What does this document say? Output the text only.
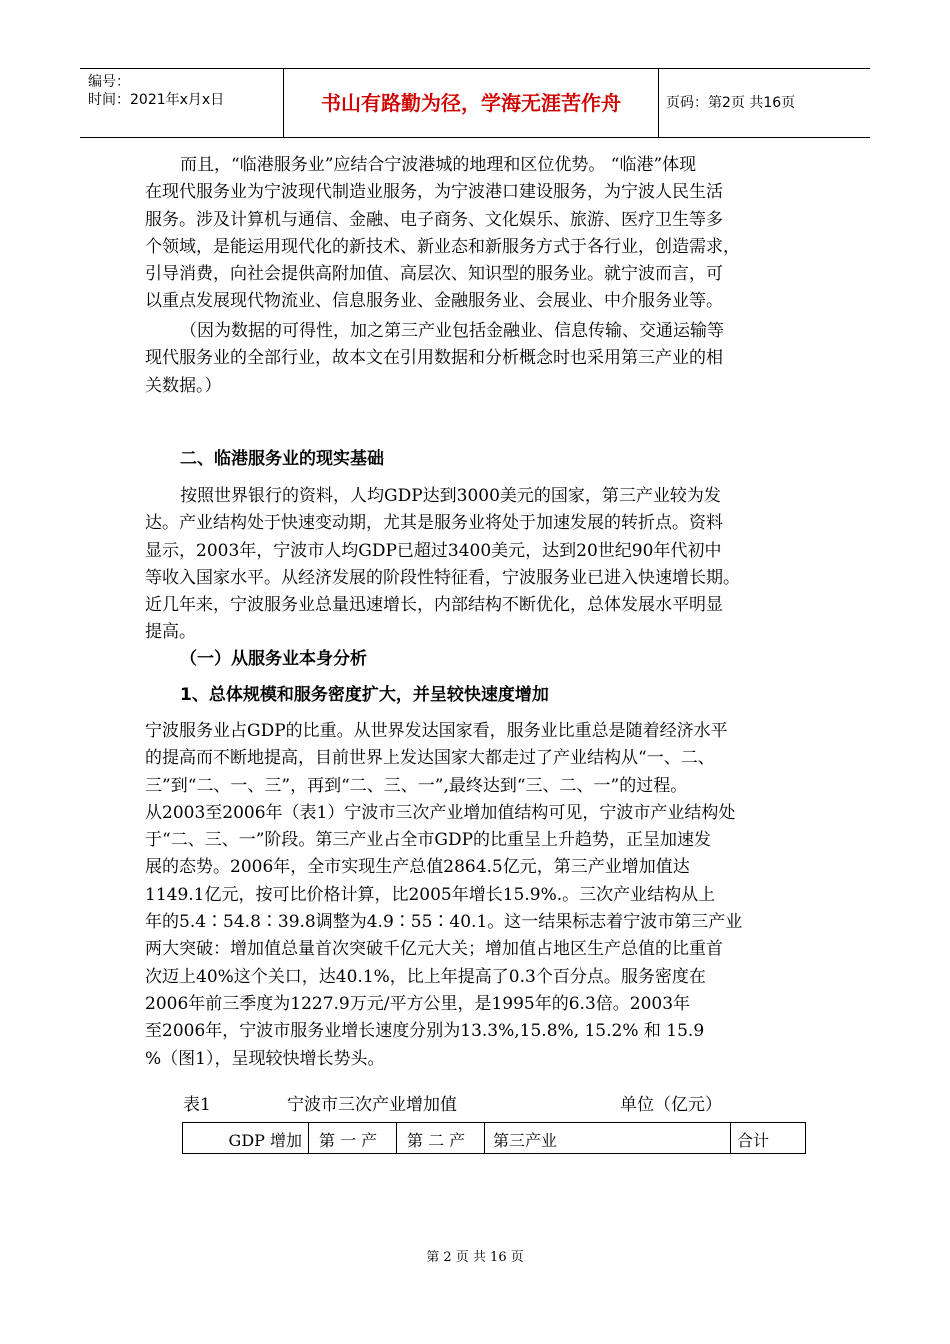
编号：
时间：2021年x月x日	书山有路勤为径，学海无涯苦作舟	页码：第2页 共16页
而且，“临港服务业”应结合宁波港城的地理和区位优势。 “临港”体现
在现代服务业为宁波现代制造业服务，为宁波港口建设服务，为宁波人民生活
服务。涉及计算机与通信、金融、电子商务、文化娱乐、旅游、医疗卫生等多
个领域，是能运用现代化的新技术、新业态和新服务方式于各行业，创造需求，
引导消费，向社会提供高附加值、高层次、知识型的服务业。就宁波而言，可
以重点发展现代物流业、信息服务业、金融服务业、会展业、中介服务业等。
（因为数据的可得性，加之第三产业包括金融业、信息传输、交通运输等
现代服务业的全部行业，故本文在引用数据和分析概念时也采用第三产业的相
关数据。）
二、临港服务业的现实基础
按照世界银行的资料，人均GDP达到3000美元的国家，第三产业较为发
达。产业结构处于快速变动期，尤其是服务业将处于加速发展的转折点。资料
显示，2003年，宁波市人均GDP已超过3400美元，达到20世纪90年代初中
等收入国家水平。从经济发展的阶段性特征看，宁波服务业已进入快速增长期。
近几年来，宁波服务业总量迅速增长，内部结构不断优化，总体发展水平明显
提高。
（一）从服务业本身分析
1、总体规模和服务密度扩大，并呈较快速度增加
宁波服务业占GDP的比重。从世界发达国家看，服务业比重总是随着经济水平
的提高而不断地提高，目前世界上发达国家大都走过了产业结构从“一、二、
三”到“二、一、三”，再到“二、三、一”,最终达到“三、二、一”的过程。
从2003至2006年（表1）宁波市三次产业增加值结构可见，宁波市产业结构处
于“二、三、一”阶段。第三产业占全市GDP的比重呈上升趋势，正呈加速发
展的态势。2006年，全市实现生产总值2864.5亿元，第三产业增加值达
1149.1亿元，按可比价格计算，比2005年增长15.9%.。三次产业结构从上
年的5.4∶54.8∶39.8调整为4.9∶55∶40.1。这一结果标志着宁波市第三产业
两大突破：增加值总量首次突破千亿元大关；增加值占地区生产总值的比重首
次迈上40%这个关口，达40.1%，比上年提高了0.3个百分点。服务密度在
2006年前三季度为1227.9万元/平方公里，是1995年的6.3倍。2003年
至2006年，宁波市服务业增长速度分别为13.3%,15.8%, 15.2% 和 15.9
%（图1），呈现较快增长势头。
表1	宁波市三次产业增加值	单位（亿元）
GDP 增加	第 一 产	第 二 产	第三产业	合计
第 2 页 共 16 页
